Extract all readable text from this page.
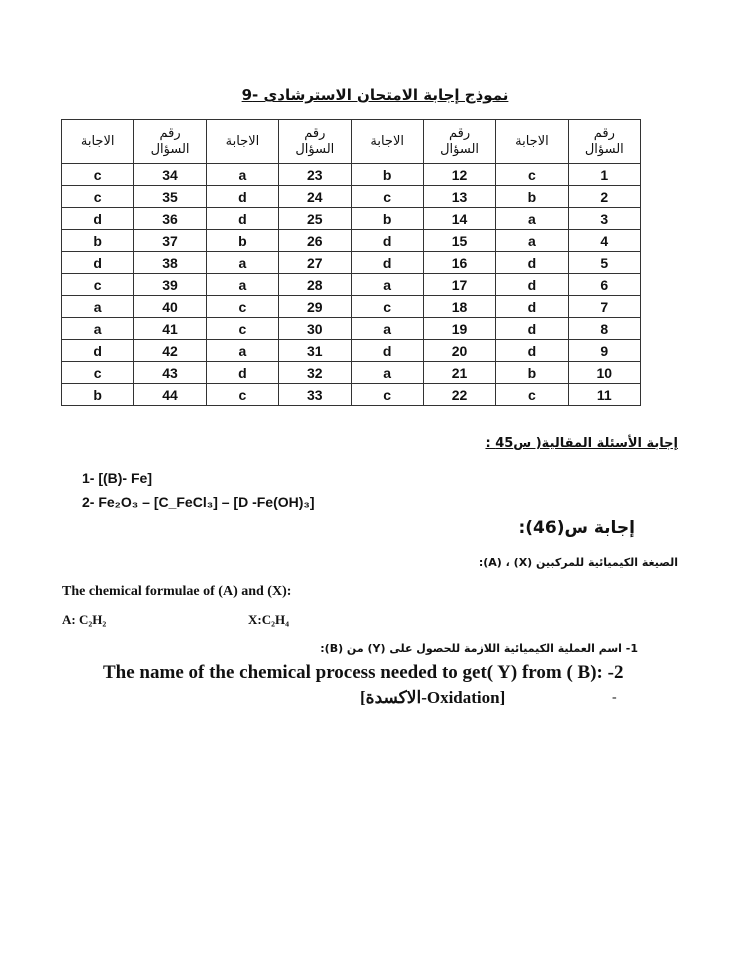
نموذج إجابة الامتحان الاسترشادى -9
رقم
السؤال	الاجابة	رقم
السؤال	الاجابة	رقم
السؤال	الاجابة	رقم
السؤال	الاجابة
1	c	12	b	23	a	34	c
2	b	13	c	24	d	35	c
3	a	14	b	25	d	36	d
4	a	15	d	26	b	37	b
5	d	16	d	27	a	38	d
6	d	17	a	28	a	39	c
7	d	18	c	29	c	40	a
8	d	19	a	30	c	41	a
9	d	20	d	31	a	42	d
10	b	21	a	32	d	43	c
11	c	22	c	33	c	44	b
إجابة الأسئلة المقالية( س45 :
1- [(B)- Fe]
2- Fe₂O₃ – [C_FeCl₃] – [D -Fe(OH)₃]
إجابة س(46):
الصيغة الكيميائية للمركبين (X) ، (A):
The chemical formulae of (A) and (X):
A: C₂H₂	X:C₂H₄
1- اسم العملية الكيميائية اللازمة للحصول على (Y) من (B):
The name of the chemical process needed to get( Y) from ( B): -2
[الاكسدة-Oxidation]	-
